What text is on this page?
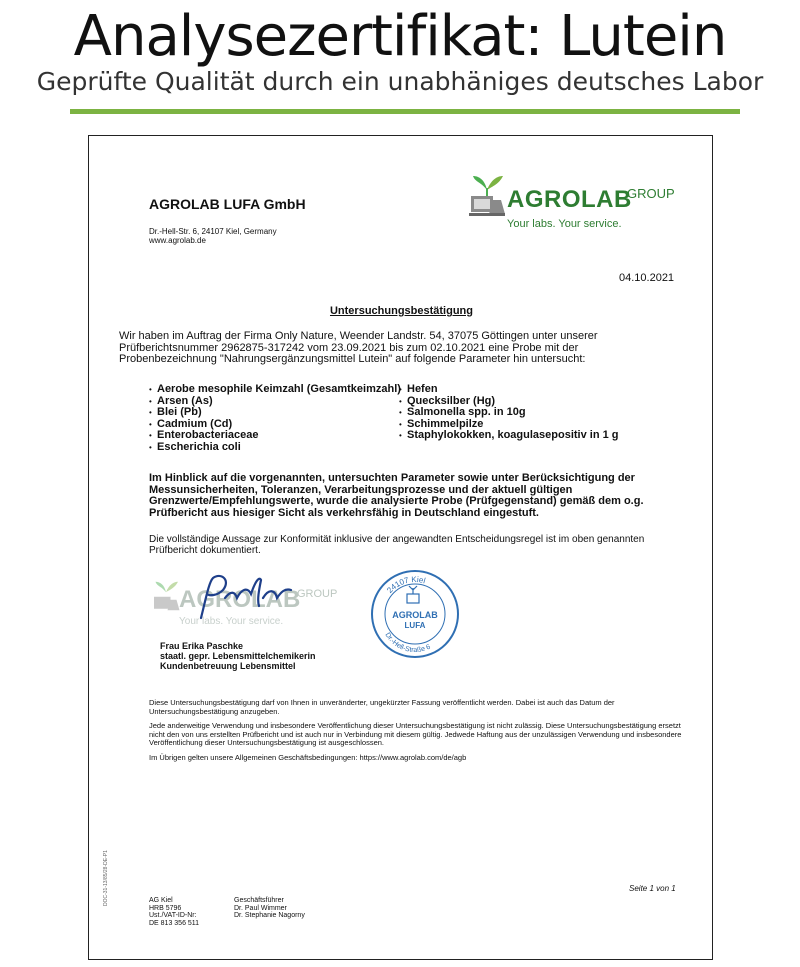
Analysezertifikat: Lutein
Geprüfte Qualität durch ein unabhäniges deutsches Labor
AGROLAB LUFA GmbH
Dr.-Hell-Str. 6, 24107 Kiel, Germany
www.agrolab.de
AGROLAB
GROUP
Your labs. Your service.
04.10.2021
Untersuchungsbestätigung
Wir haben im Auftrag der Firma Only Nature, Weender Landstr. 54, 37075 Göttingen unter unserer Prüfberichtsnummer 2962875-317242 vom 23.09.2021 bis zum 02.10.2021 eine Probe mit der Probenbezeichnung "Nahrungsergänzungsmittel Lutein" auf folgende Parameter hin untersucht:
• Aerobe mesophile Keimzahl (Gesamtkeimzahl)
• Arsen (As)
• Blei (Pb)
• Cadmium (Cd)
• Enterobacteriaceae
• Escherichia coli
• Hefen
• Quecksilber (Hg)
• Salmonella spp. in 10g
• Schimmelpilze
• Staphylokokken, koagulasepositiv in 1 g
Im Hinblick auf die vorgenannten, untersuchten Parameter sowie unter Berücksichtigung der Messunsicherheiten, Toleranzen, Verarbeitungsprozesse und der aktuell gültigen Grenzwerte/Empfehlungswerte, wurde die analysierte Probe (Prüfgegenstand) gemäß dem o.g. Prüfbericht aus hiesiger Sicht als verkehrsfähig in Deutschland eingestuft.
Die vollständige Aussage zur Konformität inklusive der angewandten Entscheidungsregel ist im oben genannten Prüfbericht dokumentiert.
AGROLAB
GROUP
Your labs. Your service.
24107 Kiel
Dr.-Hell-Straße 6
AGROLAB
LUFA
Frau Erika Paschke
staatl. gepr. Lebensmittelchemikerin
Kundenbetreuung Lebensmittel

Diese Untersuchungsbestätigung darf von Ihnen in unveränderter, ungekürzter Fassung veröffentlicht werden. Dabei ist auch das Datum der Untersuchungsbestätigung anzugeben.

Jede anderweitige Verwendung und insbesondere Veröffentlichung dieser Untersuchungsbestätigung ist nicht zulässig. Diese Untersuchungsbestätigung ersetzt nicht den von uns erstellten Prüfbericht und ist auch nur in Verbindung mit diesem gültig. Jedwede Haftung aus der unzulässigen Verwendung und insbesondere Veröffentlichung dieser Untersuchungsbestätigung ist ausgeschlossen.

Im Übrigen gelten unsere Allgemeinen Geschäftsbedingungen: https://www.agrolab.com/de/agb

Seite 1 von 1
AG Kiel
HRB 5796
Ust./VAT-ID-Nr:
DE 813 356 511
Geschäftsführer
Dr. Paul Wimmer
Dr. Stephanie Nagorny
DOC-31-13/85/28-DE-P1
